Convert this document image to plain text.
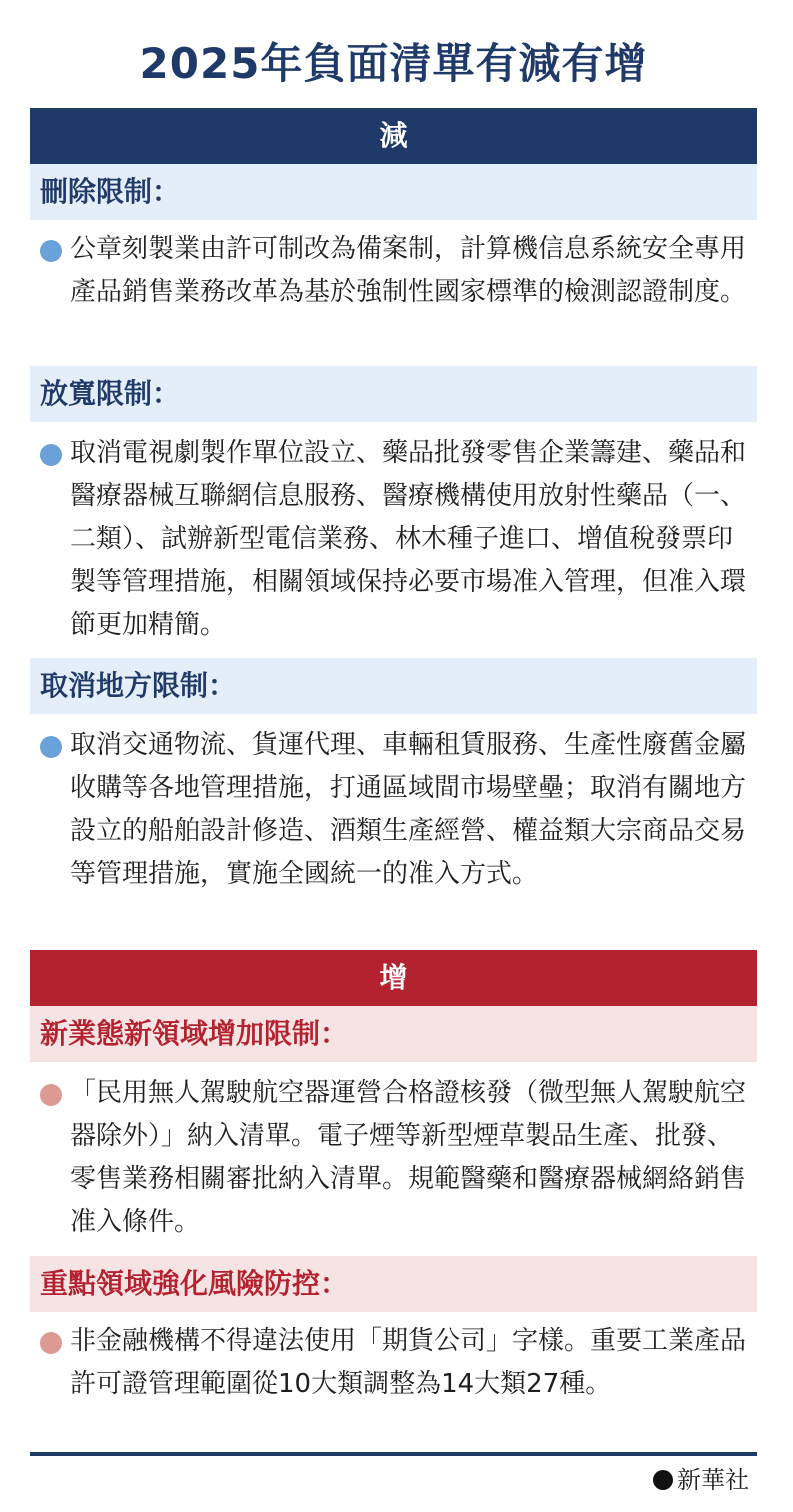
2025年負面清單有減有增
減
刪除限制：
公章刻製業由許可制改為備案制，計算機信息系統安全專用產品銷售業務改革為基於強制性國家標準的檢測認證制度。
放寬限制：
取消電視劇製作單位設立、藥品批發零售企業籌建、藥品和醫療器械互聯網信息服務、醫療機構使用放射性藥品（一、二類）、試辦新型電信業務、林木種子進口、增值稅發票印製等管理措施，相關領域保持必要市場准入管理，但准入環節更加精簡。
取消地方限制：
取消交通物流、貨運代理、車輛租賃服務、生產性廢舊金屬收購等各地管理措施，打通區域間市場壁壘；取消有關地方設立的船舶設計修造、酒類生產經營、權益類大宗商品交易等管理措施，實施全國統一的准入方式。
增
新業態新領域增加限制：
「民用無人駕駛航空器運營合格證核發（微型無人駕駛航空器除外）」納入清單。電子煙等新型煙草製品生產、批發、零售業務相關審批納入清單。規範醫藥和醫療器械網絡銷售准入條件。
重點領域強化風險防控：
非金融機構不得違法使用「期貨公司」字樣。重要工業產品許可證管理範圍從10大類調整為14大類27種。
新華社
